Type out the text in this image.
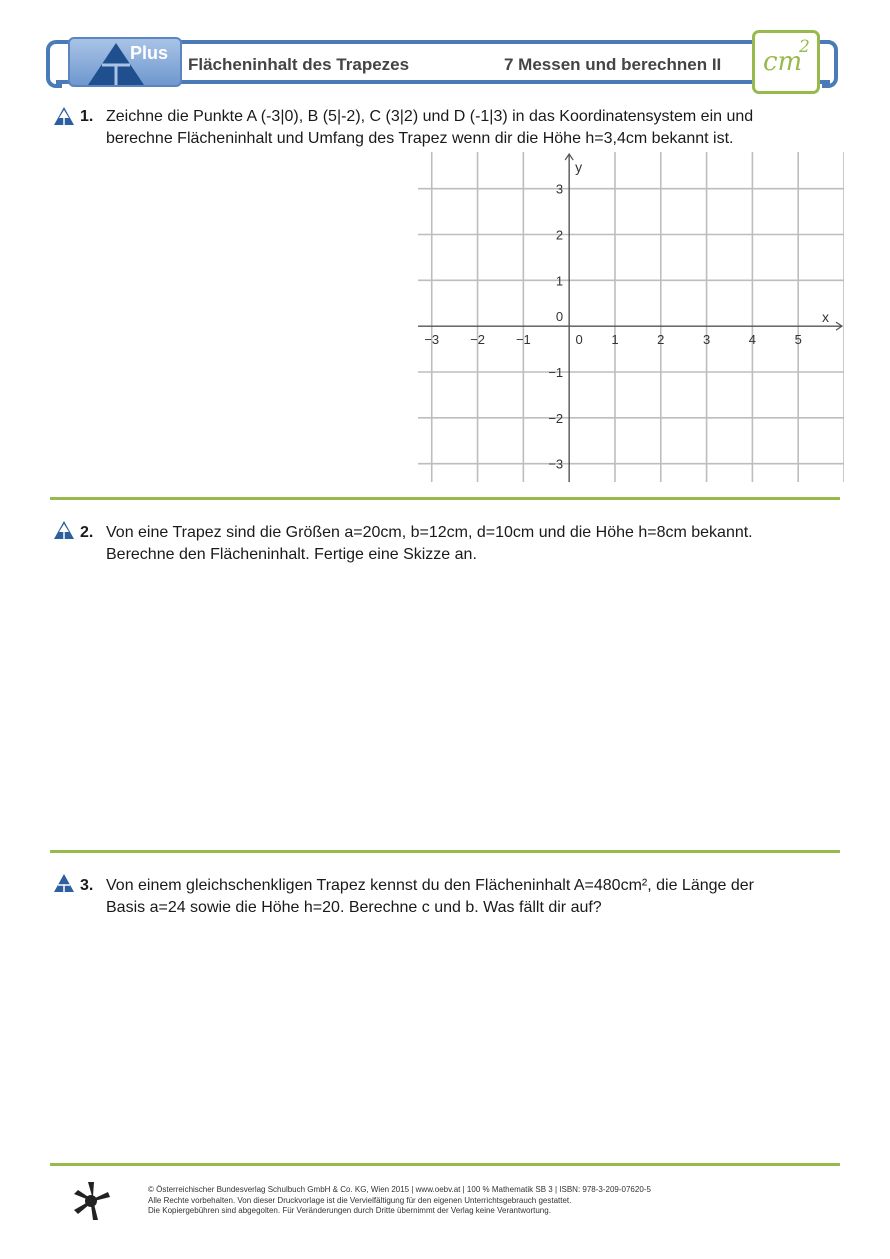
Plus
Flächeninhalt des Trapezes	7 Messen und berechnen II cm
2
1. Zeichne die Punkte A (-3|0), B (5|-2), C (3|2) und D (-1|3) in das Koordinatensystem ein und
berechne Flächeninhalt und Umfang des Trapez wenn dir die Höhe h=3,4cm bekannt ist.
−3 −2 −1	0 1	2	3	4	5
−3
−2
−1
0
1
2
3
x
y
2. Von eine Trapez sind die Größen a=20cm, b=12cm, d=10cm und die Höhe h=8cm bekannt.
Berechne den Flächeninhalt. Fertige eine Skizze an.
3. Von einem gleichschenkligen Trapez kennst du den Flächeninhalt A=480cm², die Länge der
Basis a=24 sowie die Höhe h=20. Berechne c und b. Was fällt dir auf?
© Österreichischer Bundesverlag Schulbuch GmbH & Co. KG, Wien 2015 | www.oebv.at | 100 % Mathematik SB 3 | ISBN: 978-3-209-07620-5
Alle Rechte vorbehalten. Von dieser Druckvorlage ist die Vervielfältigung für den eigenen Unterrichtsgebrauch gestattet.
Die Kopiergebühren sind abgegolten. Für Veränderungen durch Dritte übernimmt der Verlag keine Verantwortung.
